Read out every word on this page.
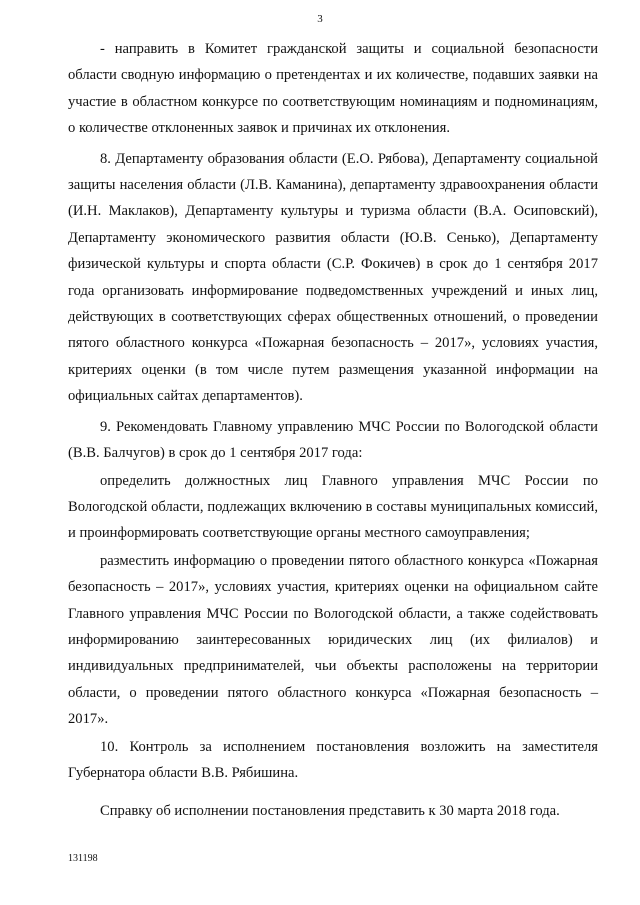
3

- направить в Комитет гражданской защиты и социальной безопасности области сводную информацию о претендентах и их количестве, подавших заявки на участие в областном конкурсе по соответствующим номинациям и подноминациям, о количестве отклоненных заявок и причинах их отклонения.

8. Департаменту образования области (Е.О. Рябова), Департаменту социальной защиты населения области (Л.В. Каманина), департаменту здравоохранения области (И.Н. Маклаков), Департаменту культуры и туризма области (В.А. Осиповский), Департаменту экономического развития области (Ю.В. Сенько), Департаменту физической культуры и спорта области (С.Р. Фокичев) в срок до 1 сентября 2017 года организовать информирование подведомственных учреждений и иных лиц, действующих в соответствующих сферах общественных отношений, о проведении пятого областного конкурса «Пожарная безопасность – 2017», условиях участия, критериях оценки (в том числе путем размещения указанной информации на официальных сайтах департаментов).

9. Рекомендовать Главному управлению МЧС России по Вологодской области (В.В. Балчугов) в срок до 1 сентября 2017 года:

определить должностных лиц Главного управления МЧС России по Вологодской области, подлежащих включению в составы муниципальных комиссий, и проинформировать соответствующие органы местного самоуправления;

разместить информацию о проведении пятого областного конкурса «Пожарная безопасность – 2017», условиях участия, критериях оценки на официальном сайте Главного управления МЧС России по Вологодской области, а также содействовать информированию заинтересованных юридических лиц (их филиалов) и индивидуальных предпринимателей, чьи объекты расположены на территории области, о проведении пятого областного конкурса «Пожарная безопасность – 2017».

10. Контроль за исполнением постановления возложить на заместителя Губернатора области В.В. Рябишина.

Справку об исполнении постановления представить к 30 марта 2018 года.

131198
